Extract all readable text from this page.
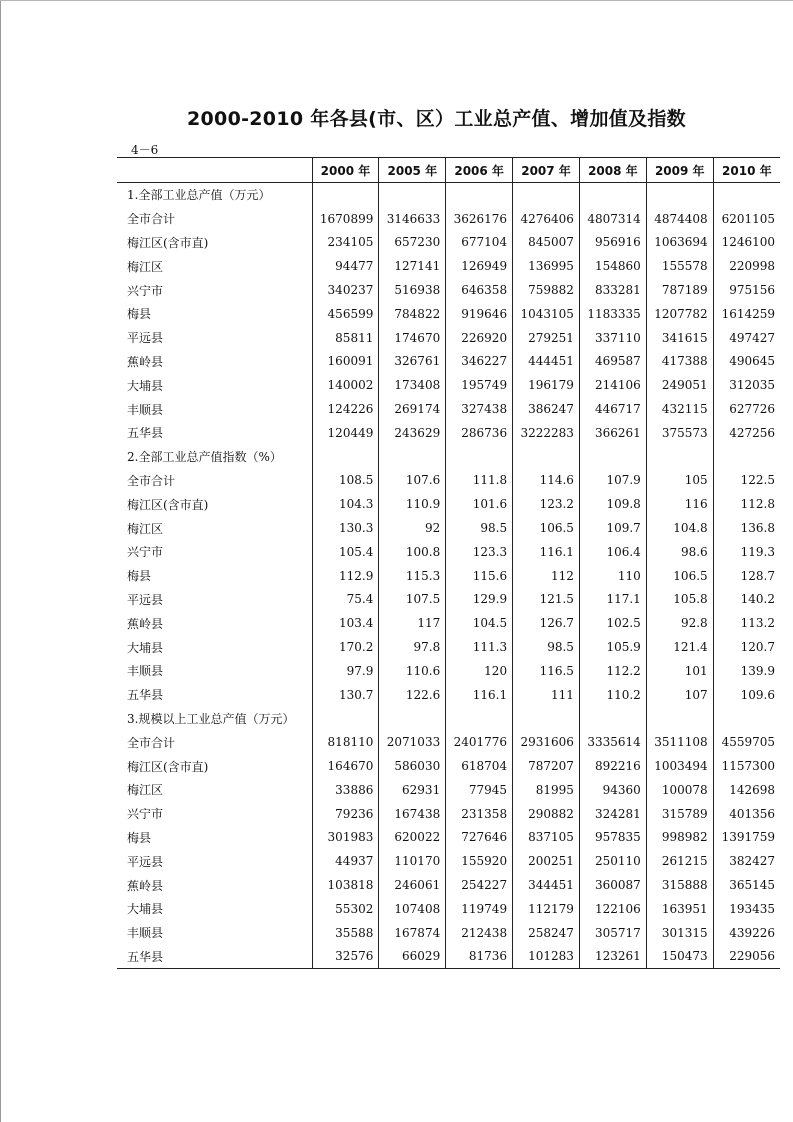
2000-2010 年各县(市、区）工业总产值、增加值及指数
4－6
	2000 年	2005 年	2006 年	2007 年	2008 年	2009 年	2010 年
1.全部工业总产值（万元）							
全市合计	1670899	3146633	3626176	4276406	4807314	4874408	6201105
梅江区(含市直)	234105	657230	677104	845007	956916	1063694	1246100
梅江区	94477	127141	126949	136995	154860	155578	220998
兴宁市	340237	516938	646358	759882	833281	787189	975156
梅县	456599	784822	919646	1043105	1183335	1207782	1614259
平远县	85811	174670	226920	279251	337110	341615	497427
蕉岭县	160091	326761	346227	444451	469587	417388	490645
大埔县	140002	173408	195749	196179	214106	249051	312035
丰顺县	124226	269174	327438	386247	446717	432115	627726
五华县	120449	243629	286736	3222283	366261	375573	427256
2.全部工业总产值指数（%）							
全市合计	108.5	107.6	111.8	114.6	107.9	105	122.5
梅江区(含市直)	104.3	110.9	101.6	123.2	109.8	116	112.8
梅江区	130.3	92	98.5	106.5	109.7	104.8	136.8
兴宁市	105.4	100.8	123.3	116.1	106.4	98.6	119.3
梅县	112.9	115.3	115.6	112	110	106.5	128.7
平远县	75.4	107.5	129.9	121.5	117.1	105.8	140.2
蕉岭县	103.4	117	104.5	126.7	102.5	92.8	113.2
大埔县	170.2	97.8	111.3	98.5	105.9	121.4	120.7
丰顺县	97.9	110.6	120	116.5	112.2	101	139.9
五华县	130.7	122.6	116.1	111	110.2	107	109.6
3.规模以上工业总产值（万元）							
全市合计	818110	2071033	2401776	2931606	3335614	3511108	4559705
梅江区(含市直)	164670	586030	618704	787207	892216	1003494	1157300
梅江区	33886	62931	77945	81995	94360	100078	142698
兴宁市	79236	167438	231358	290882	324281	315789	401356
梅县	301983	620022	727646	837105	957835	998982	1391759
平远县	44937	110170	155920	200251	250110	261215	382427
蕉岭县	103818	246061	254227	344451	360087	315888	365145
大埔县	55302	107408	119749	112179	122106	163951	193435
丰顺县	35588	167874	212438	258247	305717	301315	439226
五华县	32576	66029	81736	101283	123261	150473	229056
